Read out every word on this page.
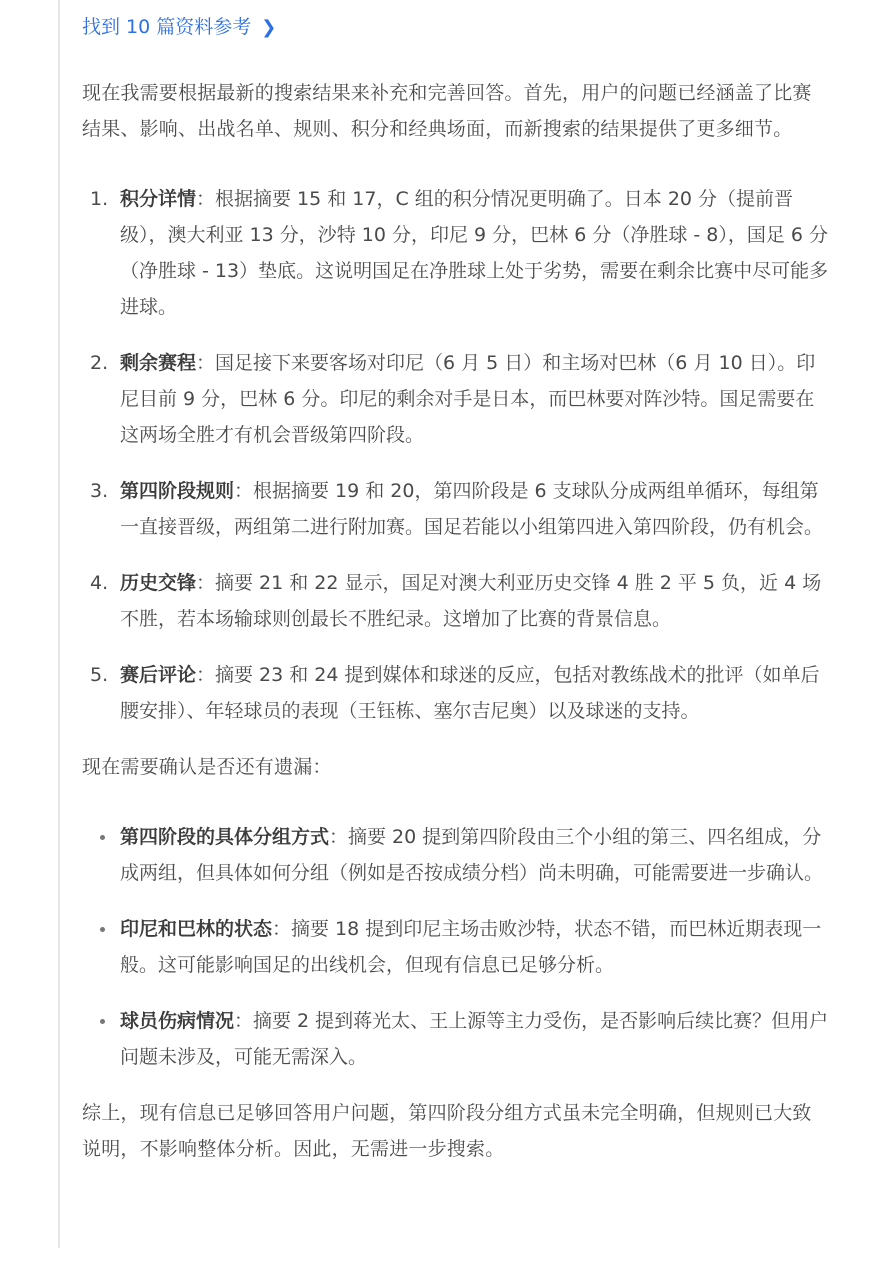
找到 10 篇资料参考 ❯

现在我需要根据最新的搜索结果来补充和完善回答。首先，用户的问题已经涵盖了比赛结果、影响、出战名单、规则、积分和经典场面，而新搜索的结果提供了更多细节。

1. 积分详情：根据摘要 15 和 17，C 组的积分情况更明确了。日本 20 分（提前晋级），澳大利亚 13 分，沙特 10 分，印尼 9 分，巴林 6 分（净胜球 - 8），国足 6 分（净胜球 - 13）垫底。这说明国足在净胜球上处于劣势，需要在剩余比赛中尽可能多进球。
2. 剩余赛程：国足接下来要客场对印尼（6 月 5 日）和主场对巴林（6 月 10 日）。印尼目前 9 分，巴林 6 分。印尼的剩余对手是日本，而巴林要对阵沙特。国足需要在这两场全胜才有机会晋级第四阶段。
3. 第四阶段规则：根据摘要 19 和 20，第四阶段是 6 支球队分成两组单循环，每组第一直接晋级，两组第二进行附加赛。国足若能以小组第四进入第四阶段，仍有机会。
4. 历史交锋：摘要 21 和 22 显示，国足对澳大利亚历史交锋 4 胜 2 平 5 负，近 4 场不胜，若本场输球则创最长不胜纪录。这增加了比赛的背景信息。
5. 赛后评论：摘要 23 和 24 提到媒体和球迷的反应，包括对教练战术的批评（如单后腰安排）、年轻球员的表现（王钰栋、塞尔吉尼奥）以及球迷的支持。

现在需要确认是否还有遗漏：

第四阶段的具体分组方式：摘要 20 提到第四阶段由三个小组的第三、四名组成，分成两组，但具体如何分组（例如是否按成绩分档）尚未明确，可能需要进一步确认。
印尼和巴林的状态：摘要 18 提到印尼主场击败沙特，状态不错，而巴林近期表现一般。这可能影响国足的出线机会，但现有信息已足够分析。
球员伤病情况：摘要 2 提到蒋光太、王上源等主力受伤，是否影响后续比赛？但用户问题未涉及，可能无需深入。

综上，现有信息已足够回答用户问题，第四阶段分组方式虽未完全明确，但规则已大致说明，不影响整体分析。因此，无需进一步搜索。
